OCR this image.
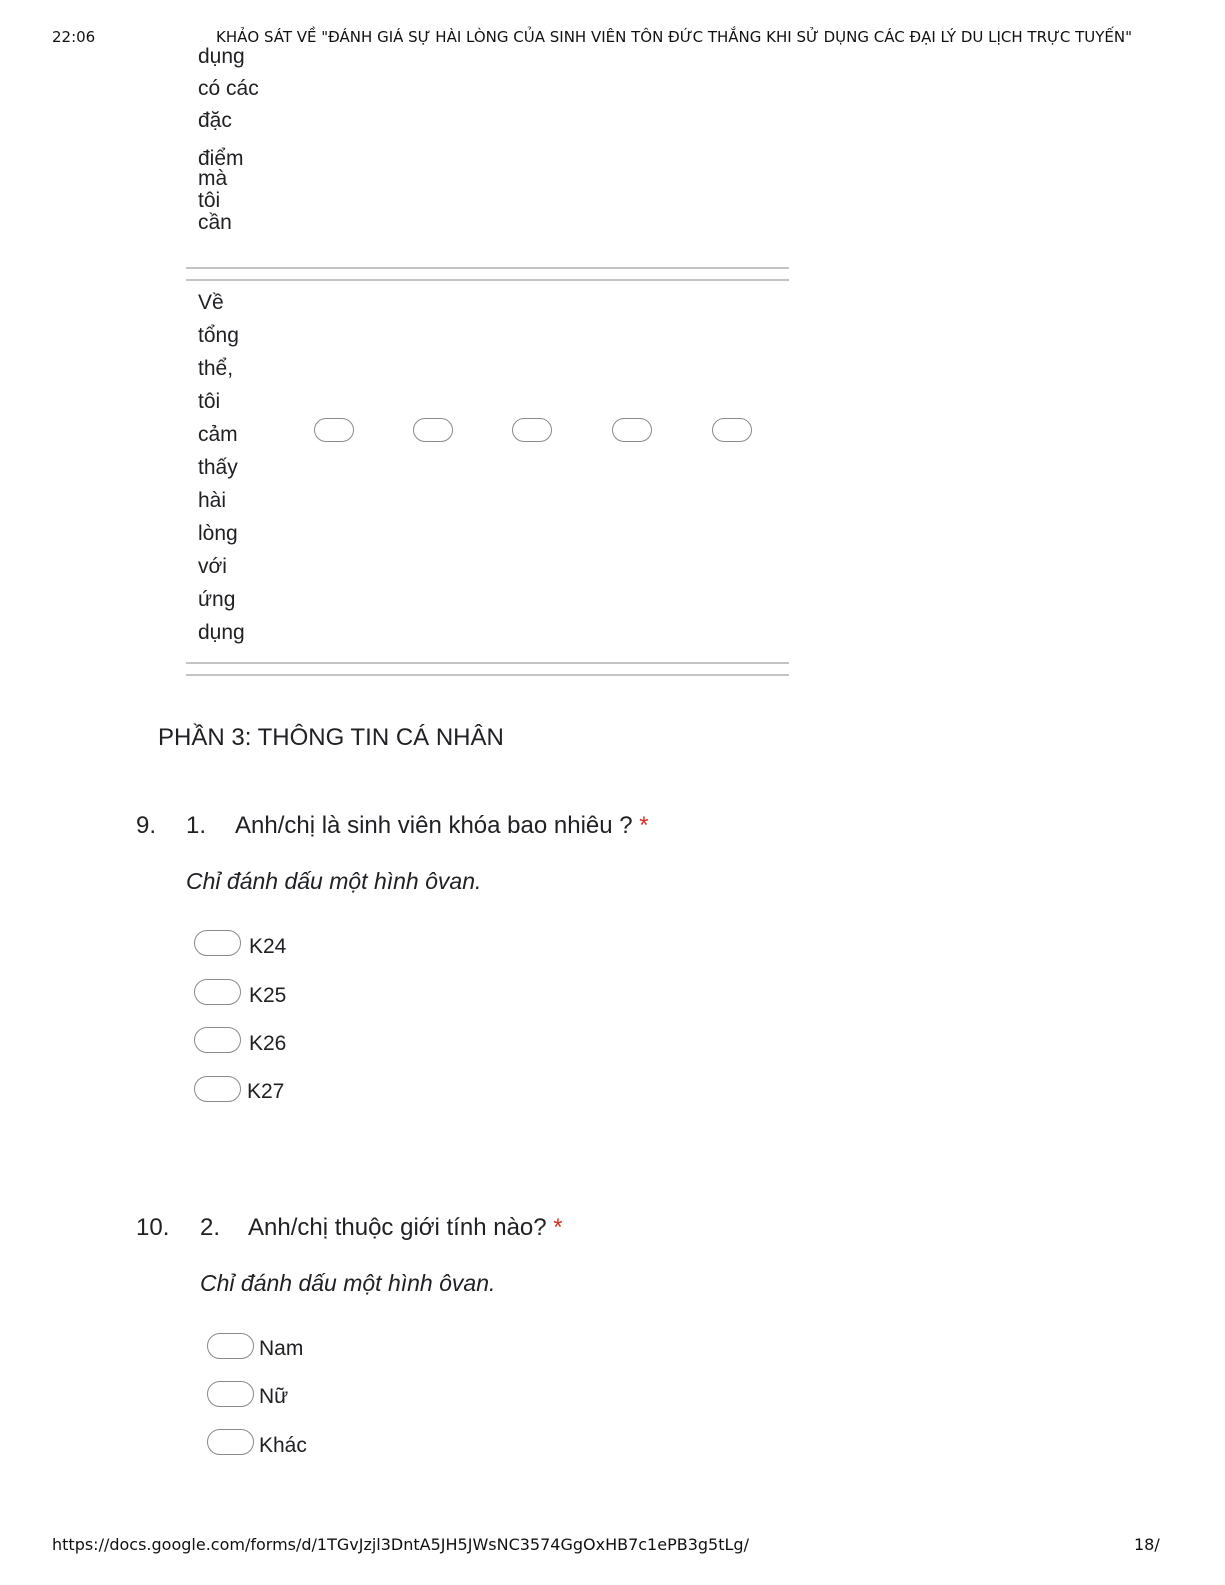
22:06	KHẢO SÁT VỀ "ĐÁNH GIÁ SỰ HÀI LÒNG CỦA SINH VIÊN TÔN ĐỨC THẮNG KHI SỬ DỤNG CÁC ĐẠI LÝ DU LỊCH TRỰC TUYẾN"
dụng
có các
đặc
điểm
mà
tôi
cần
Về
tổng
thể,
tôi
cảm
thấy
hài
lòng
với
ứng
dụng
PHẦN 3: THÔNG TIN CÁ NHÂN
9. 1. Anh/chị là sinh viên khóa bao nhiêu ? *
Chỉ đánh dấu một hình ôvan.
K24
K25
K26
K27
10. 2. Anh/chị thuộc giới tính nào? *
Chỉ đánh dấu một hình ôvan.
Nam
Nữ
Khác
https://docs.google.com/forms/d/1TGvJzjl3DntA5JH5JWsNC3574GgOxHB7c1ePB3g5tLg/	18/
